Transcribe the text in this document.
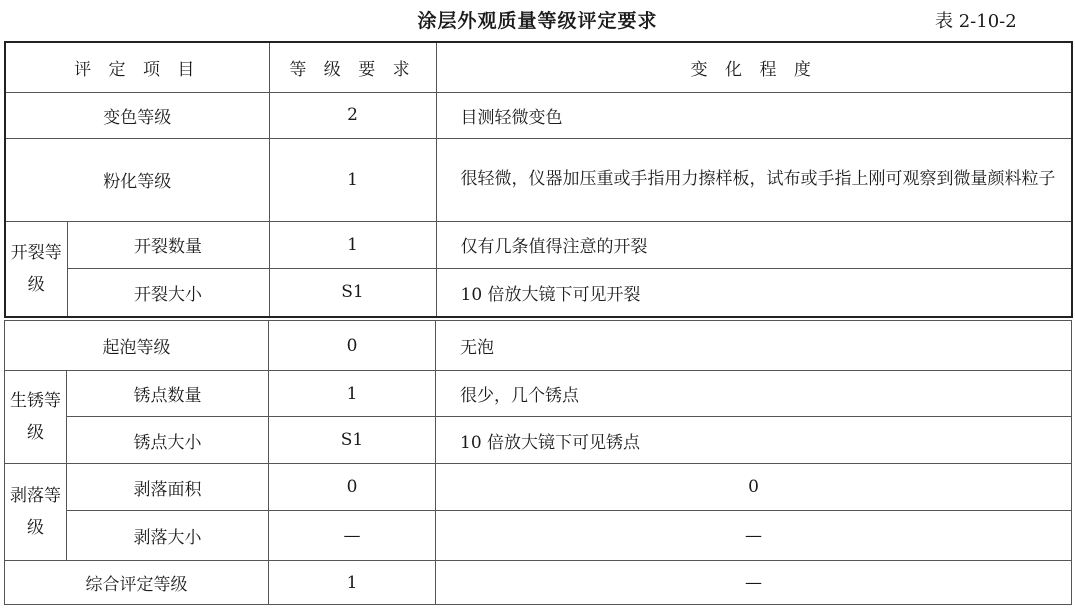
涂层外观质量等级评定要求	表 2-10-2
评 定 项 目		等 级 要 求	变 化 程 度
变色等级		2	目测轻微变色
粉化等级		1	很轻微，仪器加压重或手指用力擦样板，试布或手指上刚可观察到微量颜料粒子
开裂等级	开裂数量	1	仅有几条值得注意的开裂
	开裂大小	S1	10 倍放大镜下可见开裂
起泡等级		0	无泡
生锈等级	锈点数量	1	很少，几个锈点
	锈点大小	S1	10 倍放大镜下可见锈点
剥落等级	剥落面积	0	0
	剥落大小	—	—
综合评定等级		1	—
